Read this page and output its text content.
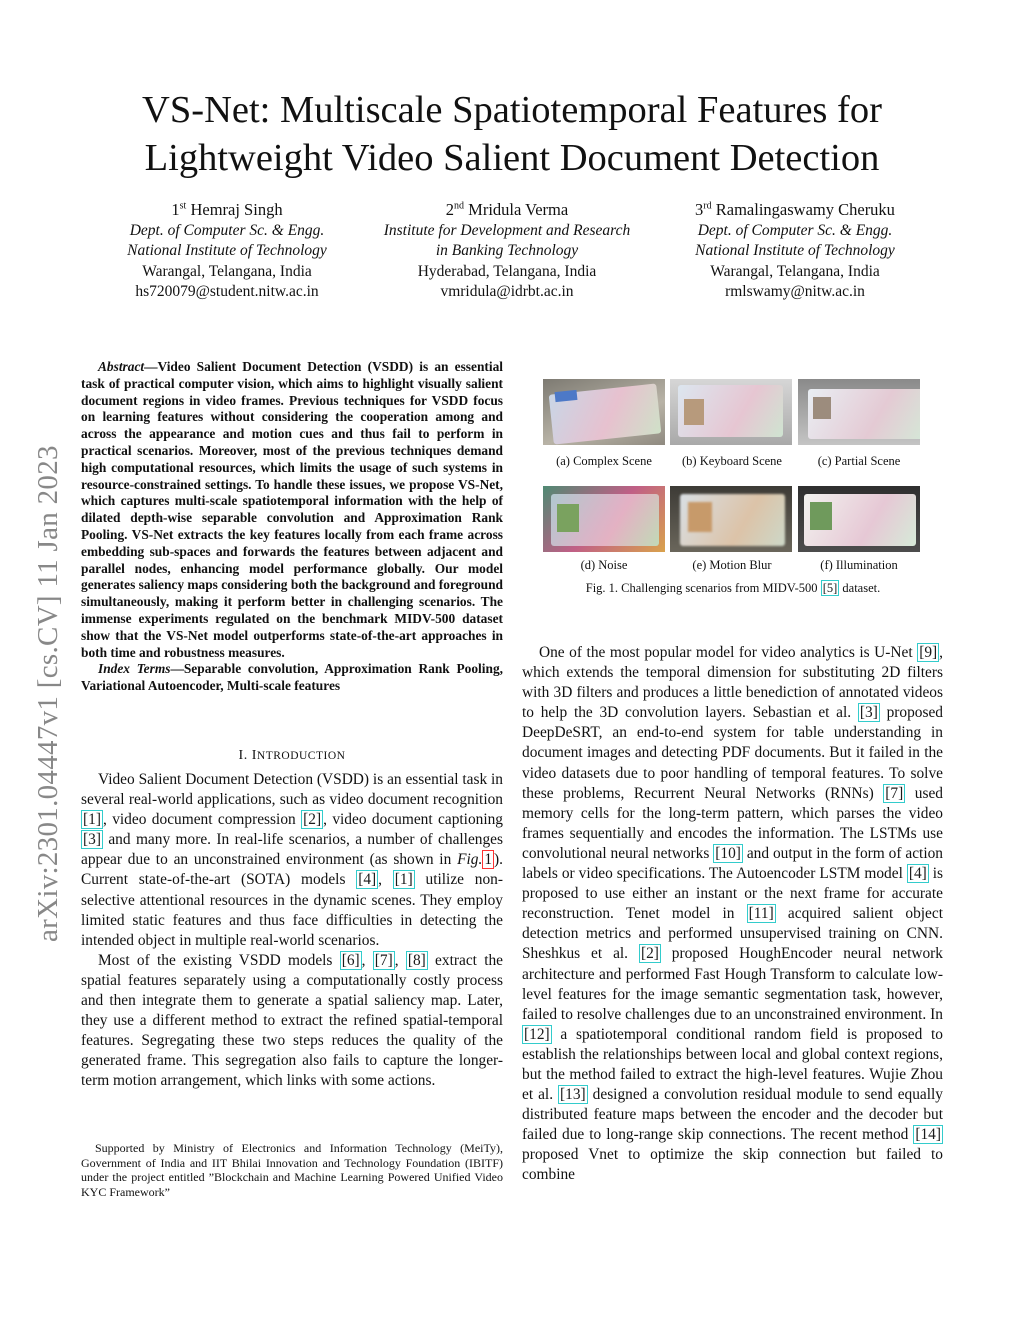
VS-Net: Multiscale Spatiotemporal Features for
Lightweight Video Salient Document Detection
1st Hemraj Singh
Dept. of Computer Sc. & Engg.
National Institute of Technology
Warangal, Telangana, India
hs720079@student.nitw.ac.in
2nd Mridula Verma
Institute for Development and Research
in Banking Technology
Hyderabad, Telangana, India
vmridula@idrbt.ac.in
3rd Ramalingaswamy Cheruku
Dept. of Computer Sc. & Engg.
National Institute of Technology
Warangal, Telangana, India
rmlswamy@nitw.ac.in
arXiv:2301.04447v1 [cs.CV] 11 Jan 2023
Abstract—Video Salient Document Detection (VSDD) is an essential task of practical computer vision, which aims to highlight visually salient document regions in video frames. Previous techniques for VSDD focus on learning features without considering the cooperation among and across the appearance and motion cues and thus fail to perform in practical scenarios. Moreover, most of the previous techniques demand high computational resources, which limits the usage of such systems in resource-constrained settings. To handle these issues, we propose VS-Net, which captures multi-scale spatiotemporal information with the help of dilated depth-wise separable convolution and Approximation Rank Pooling. VS-Net extracts the key features locally from each frame across embedding sub-spaces and forwards the features between adjacent and parallel nodes, enhancing model performance globally. Our model generates saliency maps considering both the background and foreground simultaneously, making it perform better in challenging scenarios. The immense experiments regulated on the benchmark MIDV-500 dataset show that the VS-Net model outperforms state-of-the-art approaches in both time and robustness measures.
Index Terms—Separable convolution, Approximation Rank Pooling, Variational Autoencoder, Multi-scale features
I. INTRODUCTION

Video Salient Document Detection (VSDD) is an essential task in several real-world applications, such as video document recognition [1] , video document compression [2] , video document captioning [3] and many more. In real-life scenarios, a number of challenges appear due to an unconstrained environment (as shown in Fig. 1 ). Current state-of-the-art (SOTA) models [4] , [1] utilize non-selective attentional resources in the dynamic scenes. They employ limited static features and thus face difficulties in detecting the intended object in multiple real-world scenarios.

Most of the existing VSDD models [6] , [7] , [8] extract the spatial features separately using a computationally costly process and then integrate them to generate a spatial saliency map. Later, they use a different method to extract the refined spatial-temporal features. Segregating these two steps reduces the quality of the generated frame. This segregation also fails to capture the longer-term motion arrangement, which links with some actions.

Supported by Ministry of Electronics and Information Technology (MeiTy), Government of India and IIT Bhilai Innovation and Technology Foundation (IBITF) under the project entitled ”Blockchain and Machine Learning Powered Unified Video KYC Framework”
(a) Complex Scene	(b) Keyboard Scene	(c) Partial Scene
(d) Noise	(e) Motion Blur	(f) Illumination
Fig. 1. Challenging scenarios from MIDV-500 [5] dataset.

One of the most popular model for video analytics is U-Net [9] , which extends the temporal dimension for substituting 2D filters with 3D filters and produces a little benediction of annotated videos to help the 3D convolution layers. Sebastian et al. [3] proposed DeepDeSRT, an end-to-end system for table understanding in document images and detecting PDF documents. But it failed in the video datasets due to poor handling of temporal features. To solve these problems, Recurrent Neural Networks (RNNs) [7] used memory cells for the long-term pattern, which parses the video frames sequentially and encodes the information. The LSTMs use convolutional neural networks [10] and output in the form of action labels or video specifications. The Autoencoder LSTM model [4] is proposed to use either an instant or the next frame for accurate reconstruction. Tenet model in [11] acquired salient object detection metrics and performed unsupervised training on CNN. Sheshkus et al. [2] proposed HoughEncoder neural network architecture and performed Fast Hough Transform to calculate low-level features for the image semantic segmentation task, however, failed to resolve challenges due to an unconstrained environment. In [12] a spatiotemporal conditional random field is proposed to establish the relationships between local and global context regions, but the method failed to extract the high-level features. Wujie Zhou et al. [13] designed a convolution residual module to send equally distributed feature maps between the encoder and the decoder but failed due to long-range skip connections. The recent method [14] proposed Vnet to optimize the skip connection but failed to combine
